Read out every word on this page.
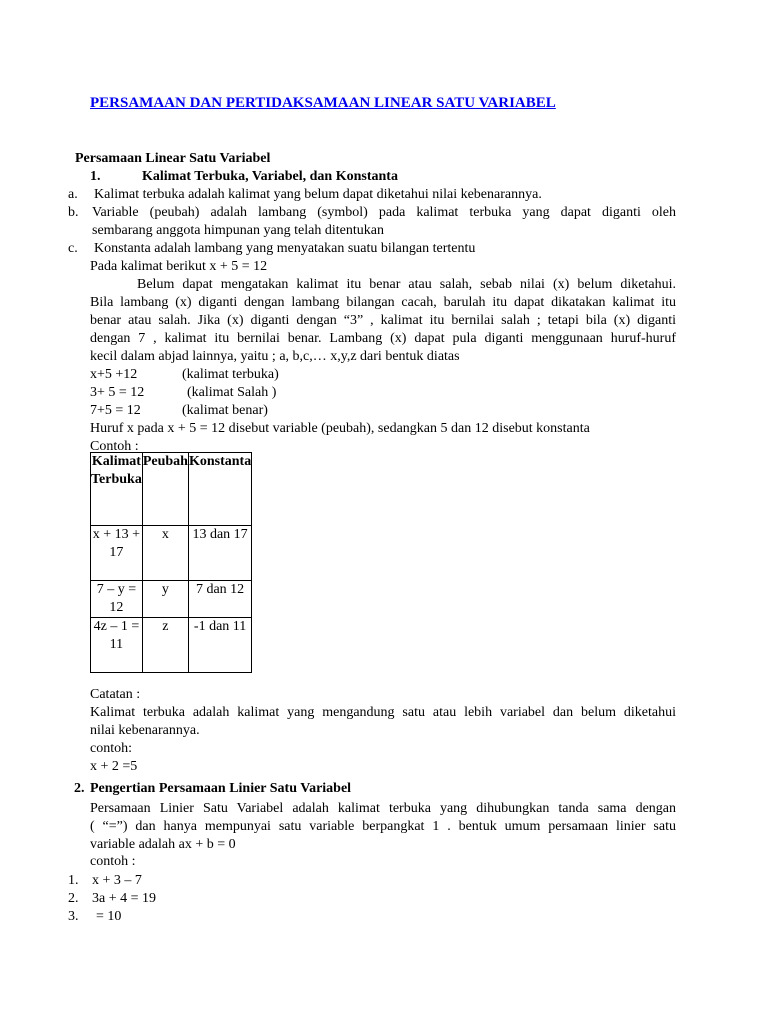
PERSAMAAN DAN PERTIDAKSAMAAN LINEAR SATU VARIABEL
Persamaan Linear Satu Variabel
1.	Kalimat Terbuka, Variabel, dan Konstanta
a. Kalimat terbuka adalah kalimat yang belum dapat diketahui nilai kebenarannya.
b. Variable (peubah) adalah lambang (symbol) pada kalimat terbuka yang dapat diganti oleh
sembarang anggota himpunan yang telah ditentukan
c. Konstanta adalah lambang yang menyatakan suatu bilangan tertentu
Pada kalimat berikut x + 5 = 12
Belum dapat mengatakan kalimat itu benar atau salah, sebab nilai (x) belum diketahui.
Bila lambang (x) diganti dengan lambang bilangan cacah, barulah itu dapat dikatakan kalimat itu
benar atau salah. Jika (x) diganti dengan “3” , kalimat itu bernilai salah ; tetapi bila (x) diganti
dengan 7 , kalimat itu bernilai benar. Lambang (x) dapat pula diganti menggunaan huruf-huruf
kecil dalam abjad lainnya, yaitu ; a, b,c,… x,y,z dari bentuk diatas
x+5 +12	(kalimat terbuka)
3+ 5 = 12	(kalimat Salah )
7+5 = 12	(kalimat benar)
Huruf x pada x + 5 = 12 disebut variable (peubah), sedangkan 5 dan 12 disebut konstanta
Contoh :
Kalimat Terbuka	Peubah	Konstanta
x + 13 + 17	x	13 dan 17
7 – y = 12	y	7 dan 12
4z – 1 = 11	z	-1 dan 11
Catatan :
Kalimat terbuka adalah kalimat yang mengandung satu atau lebih variabel dan belum diketahui
nilai kebenarannya.
contoh:
x + 2 =5
2. Pengertian Persamaan Linier Satu Variabel
Persamaan Linier Satu Variabel adalah kalimat terbuka yang dihubungkan tanda sama dengan
( “=”) dan hanya mempunyai satu variable berpangkat 1 . bentuk umum persamaan linier satu
variable adalah ax + b = 0
contoh :
1. x + 3 – 7
2. 3a + 4 = 19
3. = 10
